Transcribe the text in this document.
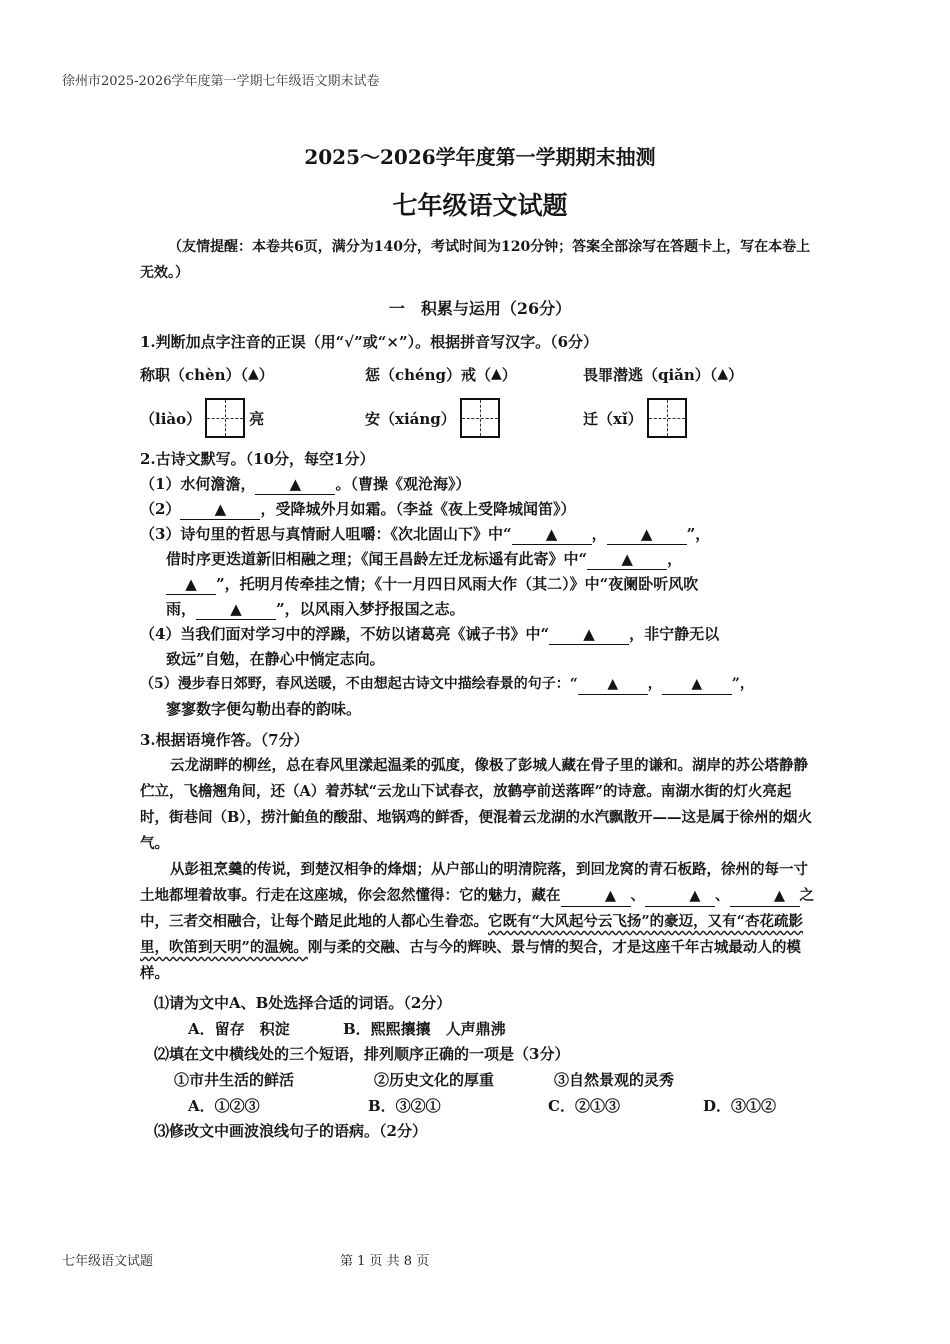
徐州市2025-2026学年度第一学期七年级语文期末试卷
2025～2026学年度第一学期期末抽测
七年级语文试题
（友情提醒：本卷共6页，满分为140分，考试时间为120分钟；答案全部涂写在答题卡上，写在本卷上无效。）
一　积累与运用（26分）
1.判断加点字注音的正误（用“√”或“×”）。根据拼音写汉字。（6分）
称职（chèn）（ ▲ ）	惩（chéng）戒（ ▲ ）	畏罪潜逃（qiǎn）（ ▲ ）
（liào）	亮	安（xiáng）	迁（xǐ）
2.古诗文默写。（10分，每空1分）
（1）水何澹澹， ▲ 。（曹操《观沧海》）
（2） ▲ ，受降城外月如霜。（李益《夜上受降城闻笛》）
（3）诗句里的哲思与真情耐人咀嚼：《次北固山下》中“ ▲ ， ▲ ”，
借时序更迭道新旧相融之理；《闻王昌龄左迁龙标遥有此寄》中“ ▲ ，
▲ ”，托明月传牵挂之情；《十一月四日风雨大作（其二）》中“夜阑卧听风吹
雨， ▲ ”，以风雨入梦抒报国之志。
（4）当我们面对学习中的浮躁，不妨以诸葛亮《诫子书》中“ ▲ ，非宁静无以
致远”自勉，在静心中惝定志向。
（5）漫步春日郊野，春风送暖，不由想起古诗文中描绘春景的句子：“ ▲ ， ▲ ”，
寥寥数字便勾勒出春的韵味。
3.根据语境作答。（7分）
云龙湖畔的柳丝，总在春风里漾起温柔的弧度，像极了彭城人藏在骨子里的谦和。湖岸的苏公塔静静伫立，飞檐翘角间，还（A）着苏轼“云龙山下试春衣，放鹤亭前送落晖”的诗意。南湖水街的灯火亮起时，街巷间（B），捞汁鮊鱼的酸甜、地锅鸡的鲜香，便混着云龙湖的水汽飘散开——这是属于徐州的烟火气。
从彭祖烹羹的传说，到楚汉相争的烽烟；从户部山的明清院落，到回龙窝的青石板路，徐州的每一寸土地都埋着故事。行走在这座城，你会忽然懂得：它的魅力，藏在	▲ 、	▲ 、	▲ 之中，三者交相融合，让每个踏足此地的人都心生眷恋。它既有“大风起兮云飞扬”的豪迈，又有“杏花疏影里，吹笛到天明”的温婉。刚与柔的交融、古与今的辉映、景与情的契合，才是这座千年古城最动人的模样。
⑴请为文中A、B处选择合适的词语。（2分）
A．留存　积淀	B．熙熙攘攘　人声鼎沸
⑵填在文中横线处的三个短语，排列顺序正确的一项是（3分）
①市井生活的鲜活	②历史文化的厚重	③自然景观的灵秀
A．①②③	B．③②①	C．②①③	D．③①②
⑶修改文中画波浪线句子的语病。（2分）
七年级语文试题	第 1 页 共 8 页
